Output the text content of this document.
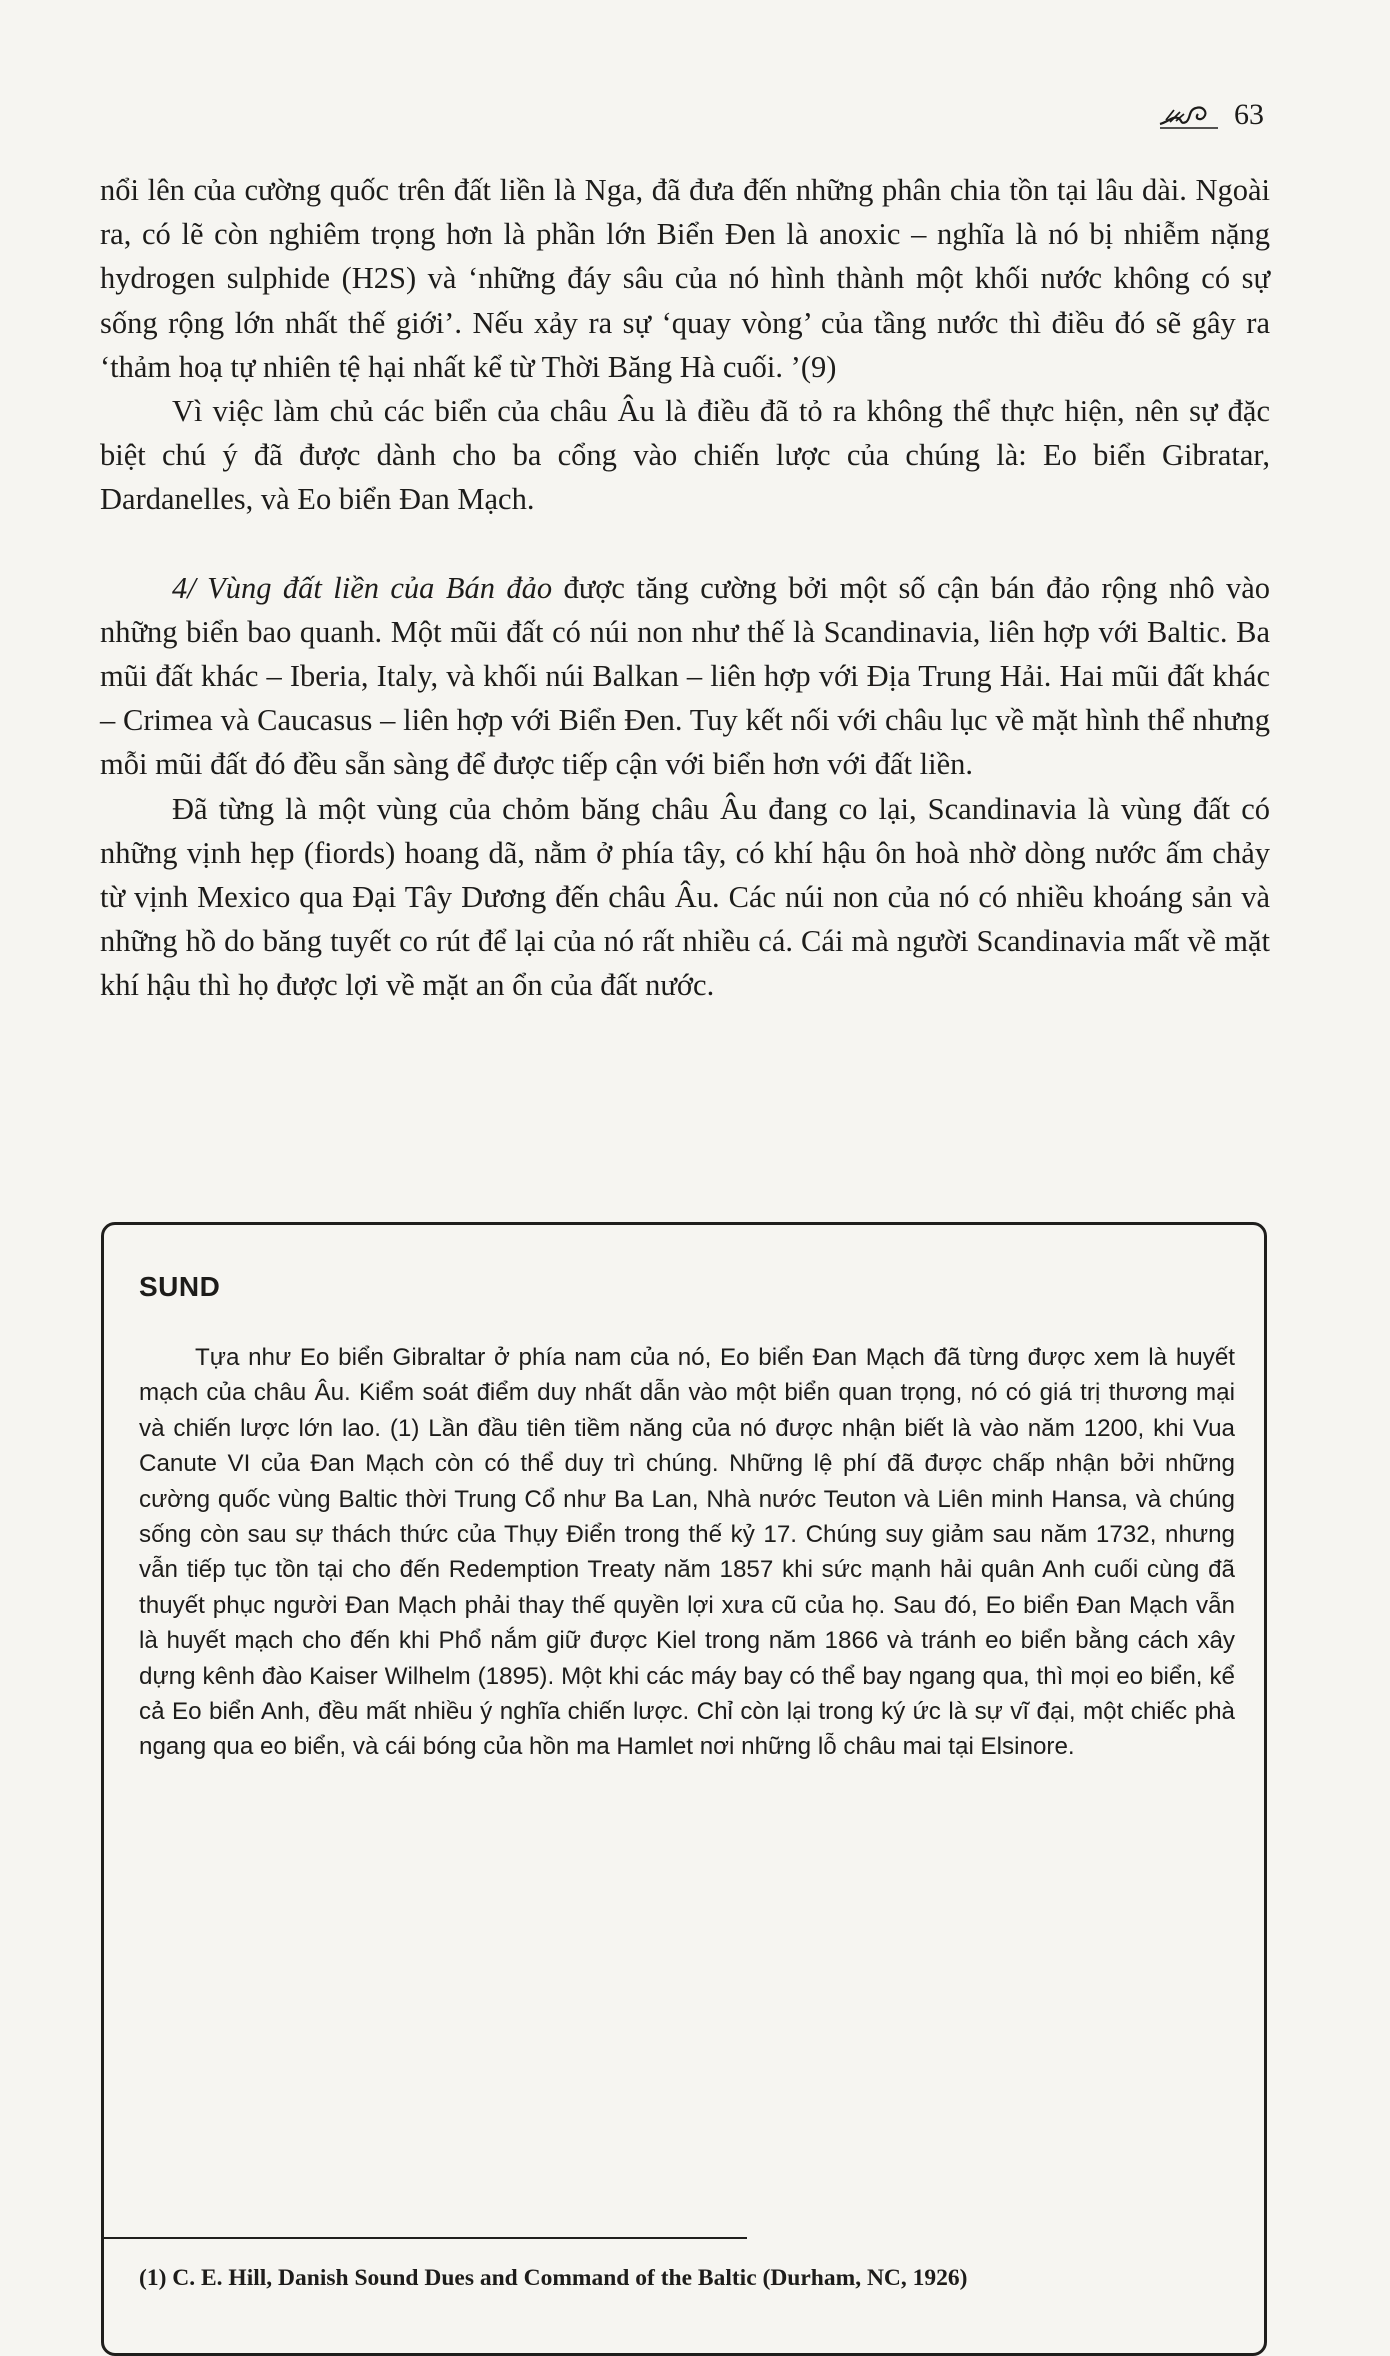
63

nổi lên của cường quốc trên đất liền là Nga, đã đưa đến những phân chia tồn tại lâu dài. Ngoài ra, có lẽ còn nghiêm trọng hơn là phần lớn Biển Đen là anoxic – nghĩa là nó bị nhiễm nặng hydrogen sulphide (H2S) và ‘những đáy sâu của nó hình thành một khối nước không có sự sống rộng lớn nhất thế giới’. Nếu xảy ra sự ‘quay vòng’ của tầng nước thì điều đó sẽ gây ra ‘thảm hoạ tự nhiên tệ hại nhất kể từ Thời Băng Hà cuối. ’(9)

Vì việc làm chủ các biển của châu Âu là điều đã tỏ ra không thể thực hiện, nên sự đặc biệt chú ý đã được dành cho ba cổng vào chiến lược của chúng là: Eo biển Gibratar, Dardanelles, và Eo biển Đan Mạch.

4/ Vùng đất liền của Bán đảo được tăng cường bởi một số cận bán đảo rộng nhô vào những biển bao quanh. Một mũi đất có núi non như thế là Scandinavia, liên hợp với Baltic. Ba mũi đất khác – Iberia, Italy, và khối núi Balkan – liên hợp với Địa Trung Hải. Hai mũi đất khác – Crimea và Caucasus – liên hợp với Biển Đen. Tuy kết nối với châu lục về mặt hình thể nhưng mỗi mũi đất đó đều sẵn sàng để được tiếp cận với biển hơn với đất liền.

Đã từng là một vùng của chỏm băng châu Âu đang co lại, Scandinavia là vùng đất có những vịnh hẹp (fiords) hoang dã, nằm ở phía tây, có khí hậu ôn hoà nhờ dòng nước ấm chảy từ vịnh Mexico qua Đại Tây Dương đến châu Âu. Các núi non của nó có nhiều khoáng sản và những hồ do băng tuyết co rút để lại của nó rất nhiều cá. Cái mà người Scandinavia mất về mặt khí hậu thì họ được lợi về mặt an ổn của đất nước.

SUND

Tựa như Eo biển Gibraltar ở phía nam của nó, Eo biển Đan Mạch đã từng được xem là huyết mạch của châu Âu. Kiểm soát điểm duy nhất dẫn vào một biển quan trọng, nó có giá trị thương mại và chiến lược lớn lao. (1) Lần đầu tiên tiềm năng của nó được nhận biết là vào năm 1200, khi Vua Canute VI của Đan Mạch còn có thể duy trì chúng. Những lệ phí đã được chấp nhận bởi những cường quốc vùng Baltic thời Trung Cổ như Ba Lan, Nhà nước Teuton và Liên minh Hansa, và chúng sống còn sau sự thách thức của Thụy Điển trong thế kỷ 17. Chúng suy giảm sau năm 1732, nhưng vẫn tiếp tục tồn tại cho đến Redemption Treaty năm 1857 khi sức mạnh hải quân Anh cuối cùng đã thuyết phục người Đan Mạch phải thay thế quyền lợi xưa cũ của họ. Sau đó, Eo biển Đan Mạch vẫn là huyết mạch cho đến khi Phổ nắm giữ được Kiel trong năm 1866 và tránh eo biển bằng cách xây dựng kênh đào Kaiser Wilhelm (1895). Một khi các máy bay có thể bay ngang qua, thì mọi eo biển, kể cả Eo biển Anh, đều mất nhiều ý nghĩa chiến lược. Chỉ còn lại trong ký ức là sự vĩ đại, một chiếc phà ngang qua eo biển, và cái bóng của hồn ma Hamlet nơi những lỗ châu mai tại Elsinore.

(1) C. E. Hill, Danish Sound Dues and Command of the Baltic (Durham, NC, 1926)
